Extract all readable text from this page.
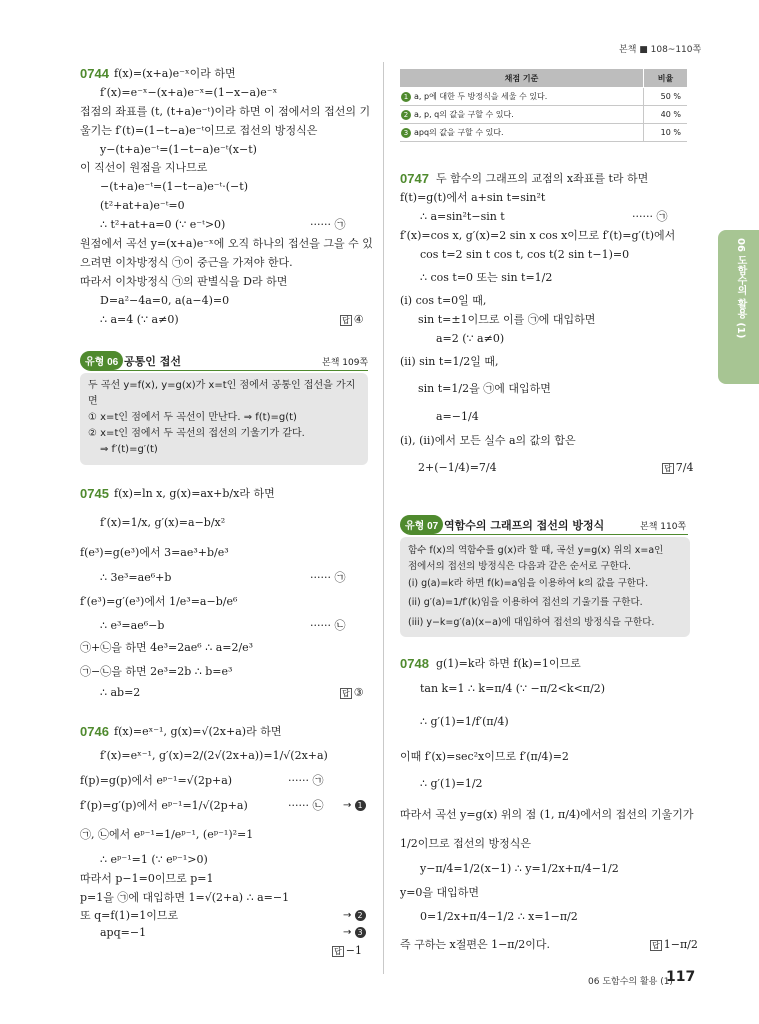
본책 ■ 108~110쪽
06 도함수의 활용 (1)
0744 f(x)=(x+a)e⁻ˣ이라 하면
f′(x)=e⁻ˣ−(x+a)e⁻ˣ=(1−x−a)e⁻ˣ
접점의 좌표를 (t, (t+a)e⁻ᵗ)이라 하면 이 점에서의 접선의 기
울기는 f′(t)=(1−t−a)e⁻ᵗ이므로 접선의 방정식은
y−(t+a)e⁻ᵗ=(1−t−a)e⁻ᵗ(x−t)
이 직선이 원점을 지나므로
−(t+a)e⁻ᵗ=(1−t−a)e⁻ᵗ·(−t)
(t²+at+a)e⁻ᵗ=0
∴ t²+at+a=0 (∵ e⁻ᵗ>0)	······ ㉠
원점에서 곡선 y=(x+a)e⁻ˣ에 오직 하나의 접선을 그을 수 있
으려면 이차방정식 ㉠이 중근을 가져야 한다.
따라서 이차방정식 ㉠의 판별식을 D라 하면
D=a²−4a=0, a(a−4)=0
∴ a=4 (∵ a≠0)	답 ④
유형 06 공통인 접선	본책 109쪽
두 곡선 y=f(x), y=g(x)가 x=t인 점에서 공통인 접선을 가지
면
① x=t인 점에서 두 곡선이 만난다. ⇒ f(t)=g(t)
② x=t인 점에서 두 곡선의 접선의 기울기가 같다.
⇒ f′(t)=g′(t)
0745 f(x)=ln x, g(x)=ax+b/x라 하면
f′(x)=1/x, g′(x)=a−b/x²
f(e³)=g(e³)에서 3=ae³+b/e³
∴ 3e³=ae⁶+b	······ ㉠
f′(e³)=g′(e³)에서 1/e³=a−b/e⁶
∴ e³=ae⁶−b	······ ㉡
㉠+㉡을 하면 4e³=2ae⁶ ∴ a=2/e³
㉠−㉡을 하면 2e³=2b ∴ b=e³
∴ ab=2	답 ③
0746 f(x)=eˣ⁻¹, g(x)=√(2x+a)라 하면
f′(x)=eˣ⁻¹, g′(x)=2/(2√(2x+a))=1/√(2x+a)
f(p)=g(p)에서 eᵖ⁻¹=√(2p+a)	······ ㉠
f′(p)=g′(p)에서 eᵖ⁻¹=1/√(2p+a)	······ ㉡ → 1
㉠, ㉡에서 eᵖ⁻¹=1/eᵖ⁻¹, (eᵖ⁻¹)²=1
∴ eᵖ⁻¹=1 (∵ eᵖ⁻¹>0)
따라서 p−1=0이므로 p=1
p=1을 ㉠에 대입하면 1=√(2+a) ∴ a=−1
또 q=f(1)=1이므로	→ 2
apq=−1	→ 3
답 −1
채점 기준	비율
1 a, p에 대한 두 방정식을 세울 수 있다.	50 %
2 a, p, q의 값을 구할 수 있다.	40 %
3 apq의 값을 구할 수 있다.	10 %
0747 두 함수의 그래프의 교점의 x좌표를 t라 하면
f(t)=g(t)에서 a+sin t=sin²t
∴ a=sin²t−sin t	······ ㉠
f′(x)=cos x, g′(x)=2 sin x cos x이므로 f′(t)=g′(t)에서
cos t=2 sin t cos t, cos t(2 sin t−1)=0
∴ cos t=0 또는 sin t=1/2
(i) cos t=0일 때,
sin t=±1이므로 이를 ㉠에 대입하면
a=2 (∵ a≠0)
(ii) sin t=1/2일 때,
sin t=1/2을 ㉠에 대입하면
a=−1/4
(i), (ii)에서 모든 실수 a의 값의 합은
2+(−1/4)=7/4	답 7/4
유형 07 역함수의 그래프의 접선의 방정식	본책 110쪽
함수 f(x)의 역함수를 g(x)라 할 때, 곡선 y=g(x) 위의 x=a인
점에서의 접선의 방정식은 다음과 같은 순서로 구한다.
(i) g(a)=k라 하면 f(k)=a임을 이용하여 k의 값을 구한다.
(ii) g′(a)=1/f′(k)임을 이용하여 접선의 기울기를 구한다.
(iii) y−k=g′(a)(x−a)에 대입하여 접선의 방정식을 구한다.
0748 g(1)=k라 하면 f(k)=1이므로
tan k=1 ∴ k=π/4 (∵ −π/2<k<π/2)
∴ g′(1)=1/f′(π/4)
이때 f′(x)=sec²x이므로 f′(π/4)=2
∴ g′(1)=1/2
따라서 곡선 y=g(x) 위의 점 (1, π/4)에서의 접선의 기울기가
1/2이므로 접선의 방정식은
y−π/4=1/2(x−1) ∴ y=1/2x+π/4−1/2
y=0을 대입하면
0=1/2x+π/4−1/2 ∴ x=1−π/2
즉 구하는 x절편은 1−π/2이다.	답 1−π/2
06 도함수의 활용 (1)
117
